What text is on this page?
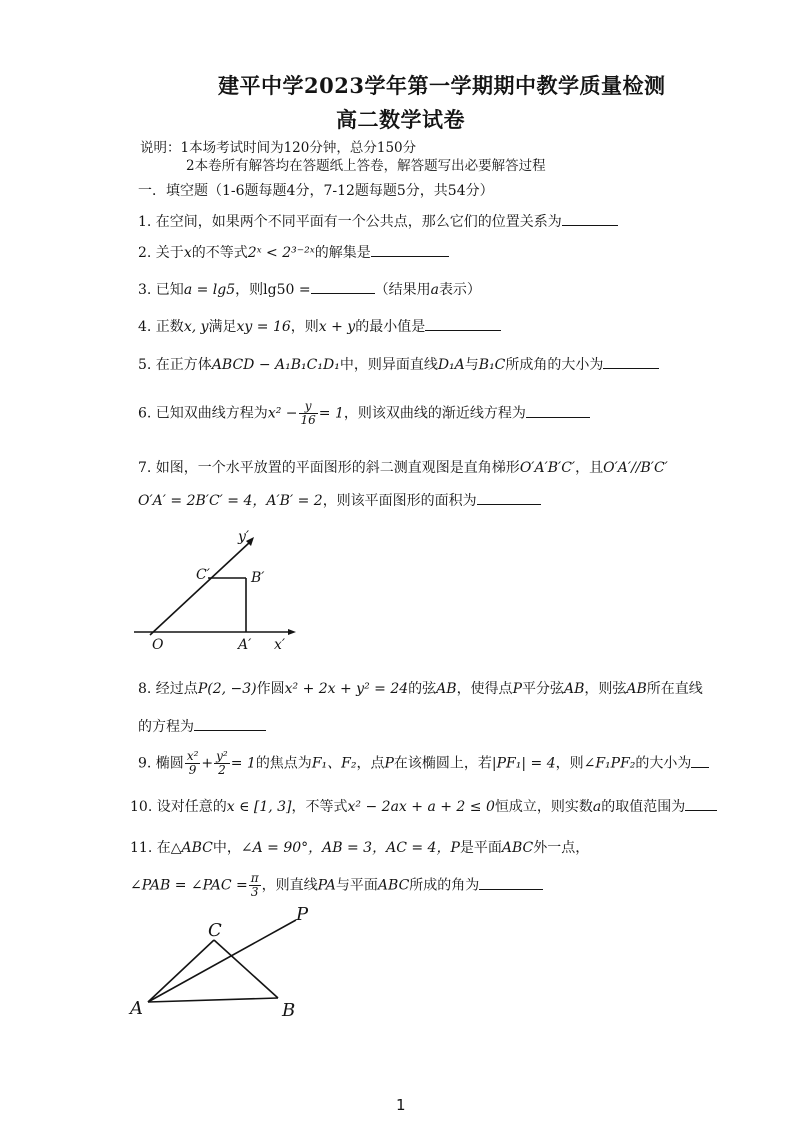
建平中学2023学年第一学期期中教学质量检测
高二数学试卷
说明：1本场考试时间为120分钟，总分150分
2本卷所有解答均在答题纸上答卷，解答题写出必要解答过程
一．填空题（1-6题每题4分，7-12题每题5分，共54分）
1. 在空间，如果两个不同平面有一个公共点，那么它们的位置关系为
2. 关于x的不等式2ˣ < 2³⁻²ˣ的解集是
3. 已知a = lg5，则lg50 =	（结果用a表示）
4. 正数x, y满足xy = 16，则x + y的最小值是
5. 在正方体ABCD − A₁B₁C₁D₁中，则异面直线D₁A与B₁C所成角的大小为
6. 已知双曲线方程为$x^2 - \frac{y}{16} = 1$，则该双曲线的渐近线方程为
7. 如图，一个水平放置的平面图形的斜二测直观图是直角梯形O′A′B′C′，且O′A′//B′C′
O′A′ = 2B′C′ = 4，A′B′ = 2，则该平面图形的面积为
y′
x′
O	A′
B′
C′
8. 经过点P(2, −3)作圆x² + 2x + y² = 24的弦AB，使得点P平分弦AB，则弦AB所在直线
的方程为
9. 椭圆 $\frac{\text{x²}}{9} + \frac{\text{y²}}{2} = 1$的焦点为F₁、F₂，点P在该椭圆上，若|PF₁| = 4，则∠F₁PF₂的大小为
10. 设对任意的x ∈ [1, 3]，不等式x² − 2ax + a + 2 ≤ 0恒成立，则实数a的取值范围为
11. 在△ABC中，∠A = 90°，AB = 3，AC = 4，P是平面ABC外一点，
∠PAB = ∠PAC = $\frac{\pi}{3}$ ，则直线PA与平面ABC所成的角为
A	B
C
P
1
